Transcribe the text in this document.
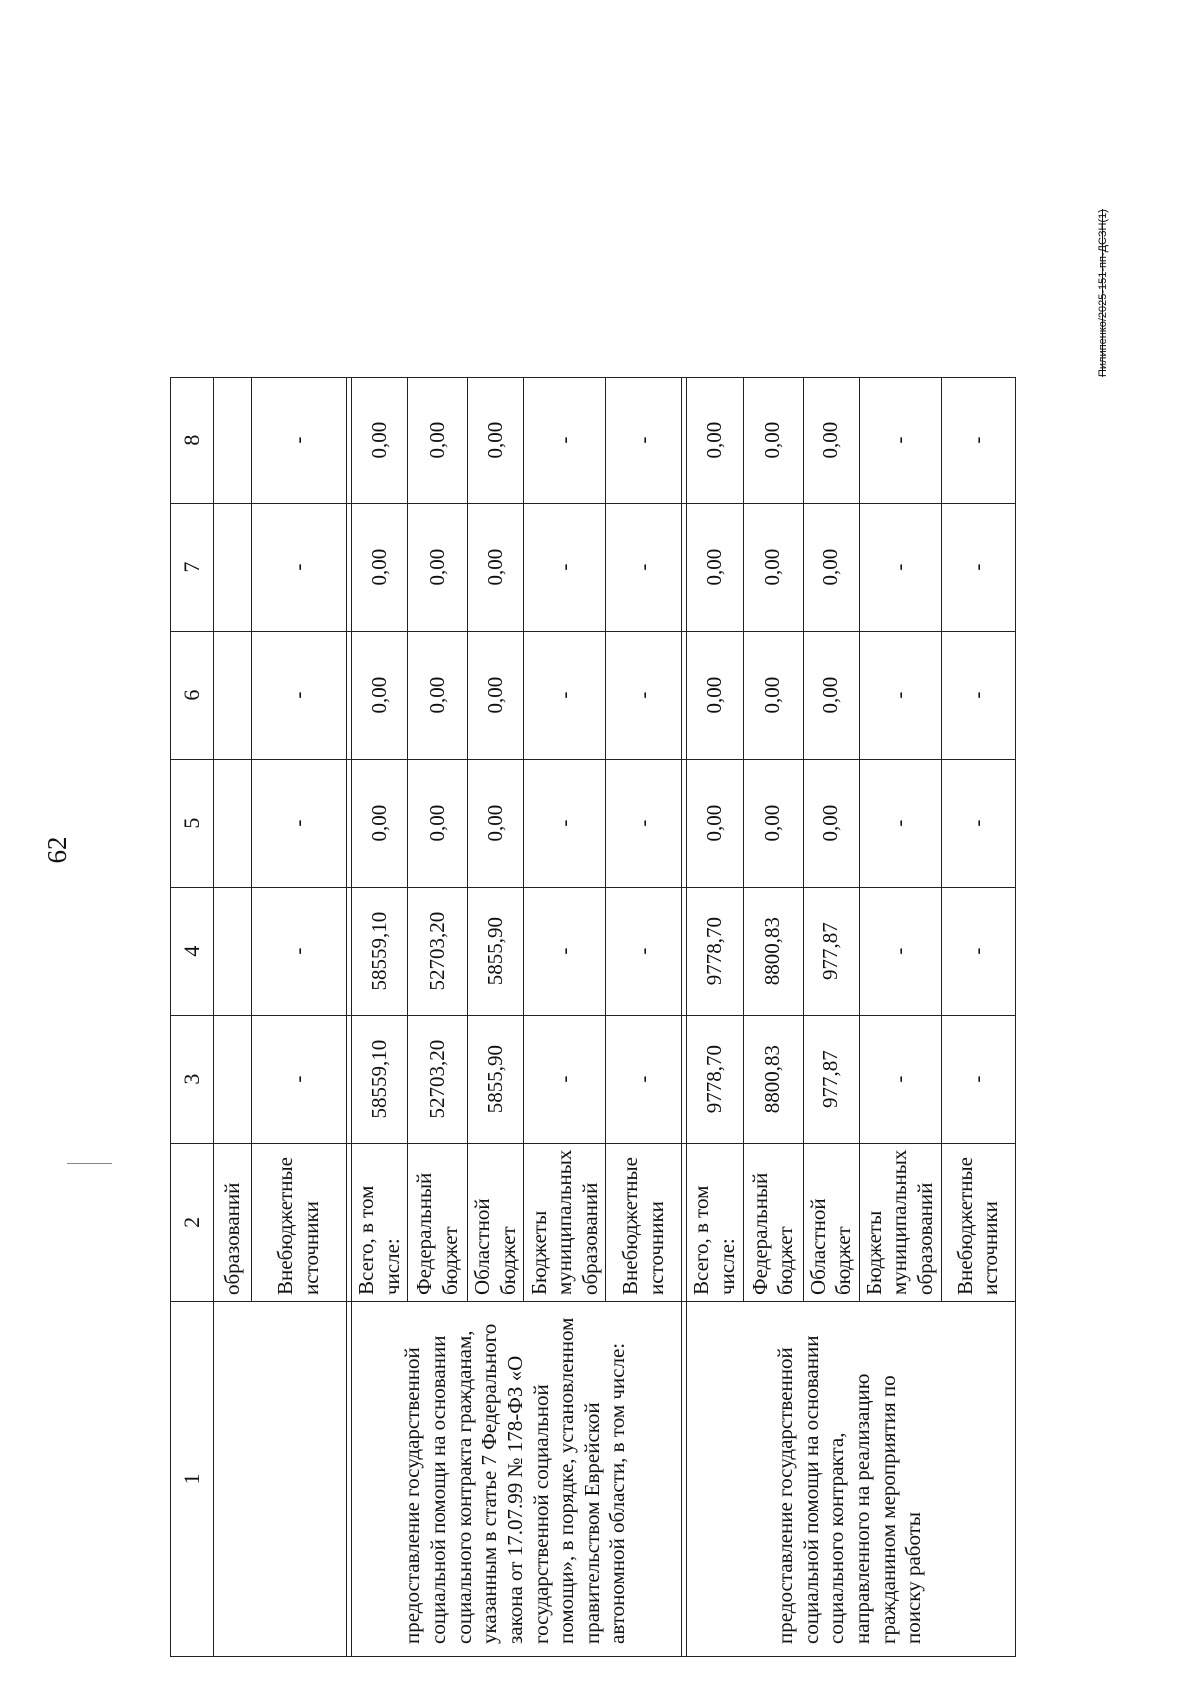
62
1	2	3	4	5	6	7	8
	образований						
	Внебюджетные источники	-	-	-	-	-	-

предоставление государственной социальной помощи на основании социального контракта гражданам, указанным в статье 7 Федерального закона от 17.07.99 № 178-ФЗ «О государственной социальной помощи», в порядке, установленном правительством Еврейской автономной области, в том числе:	Всего, в том числе:	58559,10	58559,10	0,00	0,00	0,00	0,00
	Федеральный бюджет	52703,20	52703,20	0,00	0,00	0,00	0,00
	Областной бюджет	5855,90	5855,90	0,00	0,00	0,00	0,00
	Бюджеты муниципальных образований	-	-	-	-	-	-
	Внебюджетные источники	-	-	-	-	-	-

предоставление государственной социальной помощи на основании социального контракта, направленного на реализацию гражданином мероприятия по поиску работы	Всего, в том числе:	9778,70	9778,70	0,00	0,00	0,00	0,00
	Федеральный бюджет	8800,83	8800,83	0,00	0,00	0,00	0,00
	Областной бюджет	977,87	977,87	0,00	0,00	0,00	0,00
	Бюджеты муниципальных образований	-	-	-	-	-	-
	Внебюджетные источники	-	-	-	-	-	-
Пилипенко/2025-151-пп-ДСЗН(1)
